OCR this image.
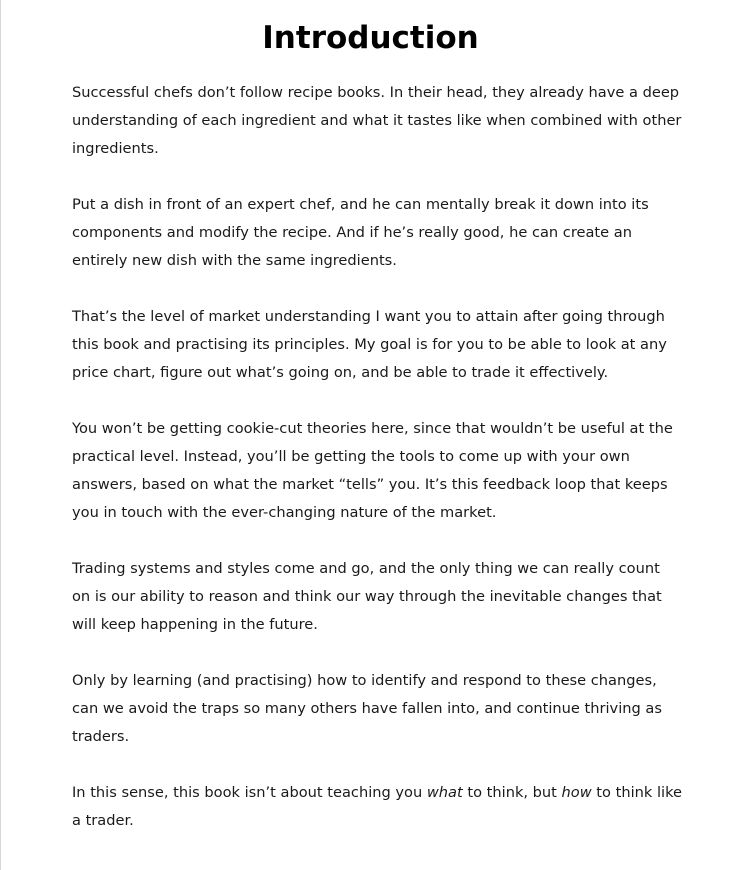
Introduction

Successful chefs don’t follow recipe books. In their head, they already have a deep understanding of each ingredient and what it tastes like when combined with other ingredients.

Put a dish in front of an expert chef, and he can mentally break it down into its components and modify the recipe. And if he’s really good, he can create an entirely new dish with the same ingredients.

That’s the level of market understanding I want you to attain after going through this book and practising its principles. My goal is for you to be able to look at any price chart, figure out what’s going on, and be able to trade it effectively.

You won’t be getting cookie-cut theories here, since that wouldn’t be useful at the practical level. Instead, you’ll be getting the tools to come up with your own answers, based on what the market “tells” you. It’s this feedback loop that keeps you in touch with the ever-changing nature of the market.

Trading systems and styles come and go, and the only thing we can really count on is our ability to reason and think our way through the inevitable changes that will keep happening in the future.

Only by learning (and practising) how to identify and respond to these changes, can we avoid the traps so many others have fallen into, and continue thriving as traders.

In this sense, this book isn’t about teaching you what to think, but how to think like a trader.
